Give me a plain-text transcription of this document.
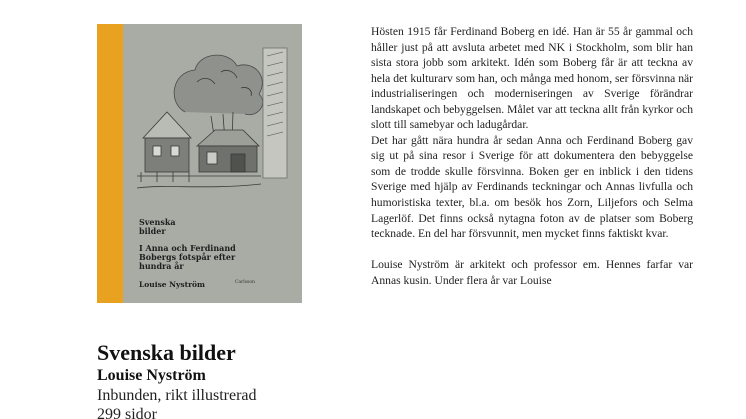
Svenska bilder
I Anna och Ferdinand Bobergs fotspår efter hundra år
Louise Nyström	Carlsson
Svenska bilder
Louise Nyström
Inbunden, rikt illustrerad
299 sidor

Hösten 1915 får Ferdinand Boberg en idé. Han är 55 år gammal och håller just på att avsluta arbetet med NK i Stockholm, som blir han sista stora jobb som arkitekt. Idén som Boberg får är att teckna av hela det kulturarv som han, och många med honom, ser försvinna när industrialiseringen och moderniseringen av Sverige förändrar landskapet och bebyggelsen. Målet var att teckna allt från kyrkor och slott till samebyar och ladugårdar.

Det har gått nära hundra år sedan Anna och Ferdinand Boberg gav sig ut på sina resor i Sverige för att dokumentera den bebyggelse som de trodde skulle försvinna. Boken ger en inblick i den tidens Sverige med hjälp av Ferdinands teckningar och Annas livfulla och humoristiska texter, bl.a. om besök hos Zorn, Liljefors och Selma Lagerlöf. Det finns också nytagna foton av de platser som Boberg tecknade. En del har försvunnit, men mycket finns faktiskt kvar.

Louise Nyström är arkitekt och professor em. Hennes farfar var Annas kusin. Under flera år var Louise
